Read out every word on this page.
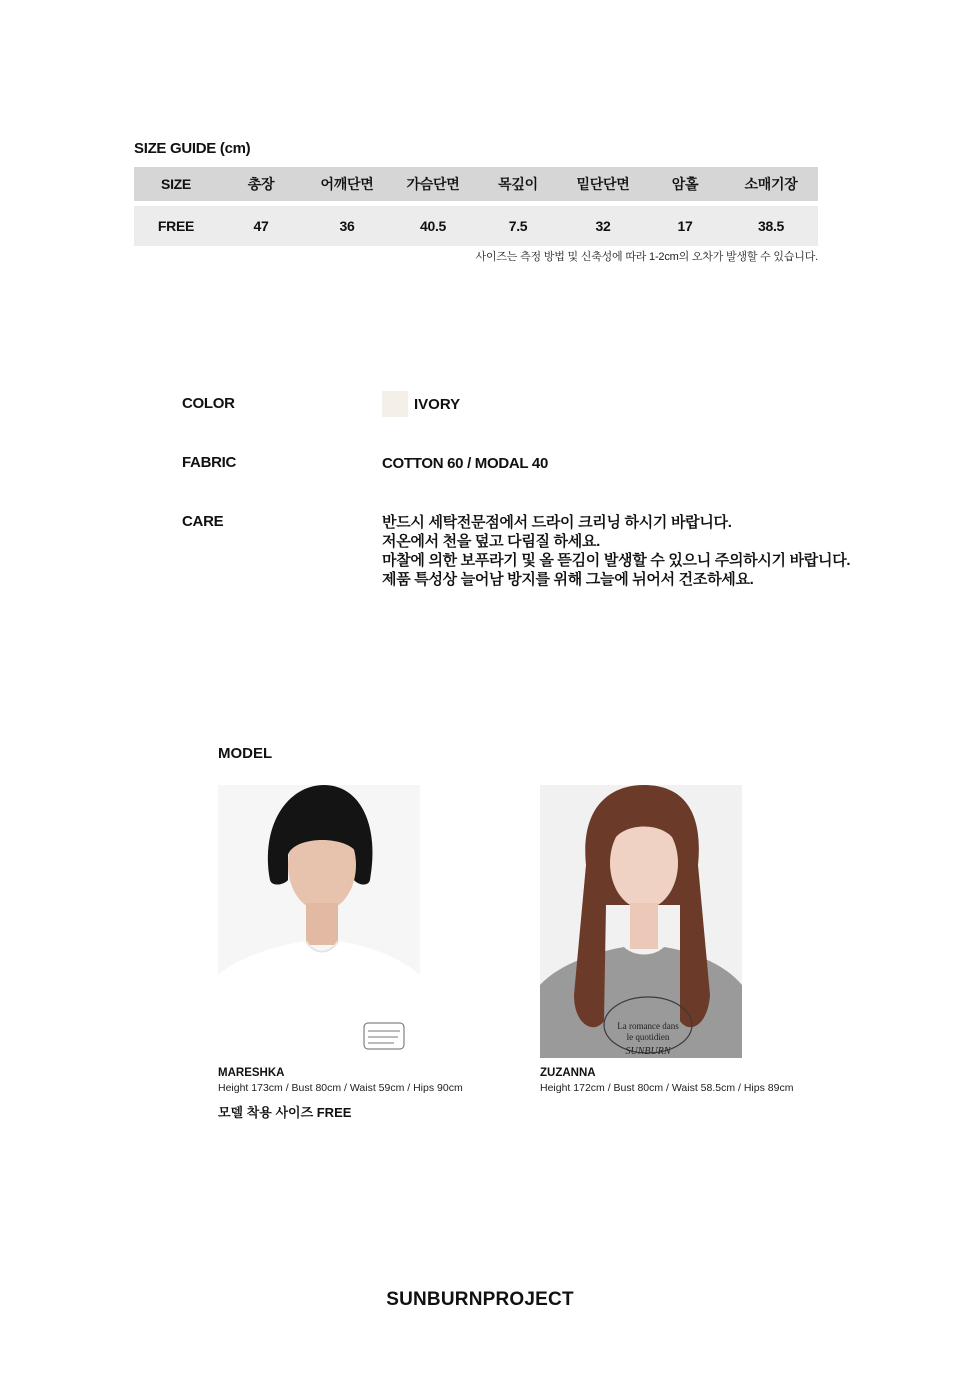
SIZE GUIDE (cm)
SIZE	총장	어깨단면	가슴단면	목깊이	밑단단면	암홀	소매기장
FREE	47	36	40.5	7.5	32	17	38.5
사이즈는 측정 방법 및 신축성에 따라 1-2cm의 오차가 발생할 수 있습니다.
COLOR	IVORY
FABRIC	COTTON 60 / MODAL 40
CARE	반드시 세탁전문점에서 드라이 크리닝 하시기 바랍니다.
저온에서 천을 덮고 다림질 하세요.
마찰에 의한 보푸라기 및 올 뜯김이 발생할 수 있으니 주의하시기 바랍니다.
제품 특성상 늘어남 방지를 위해 그늘에 뉘어서 건조하세요.
MODEL
La romance dans
le quotidien
SUNBURN
MARESHKA
Height 173cm / Bust 80cm / Waist 59cm / Hips 90cm
ZUZANNA
Height 172cm / Bust 80cm / Waist 58.5cm / Hips 89cm
모델 착용 사이즈 FREE
SUNBURNPROJECT
